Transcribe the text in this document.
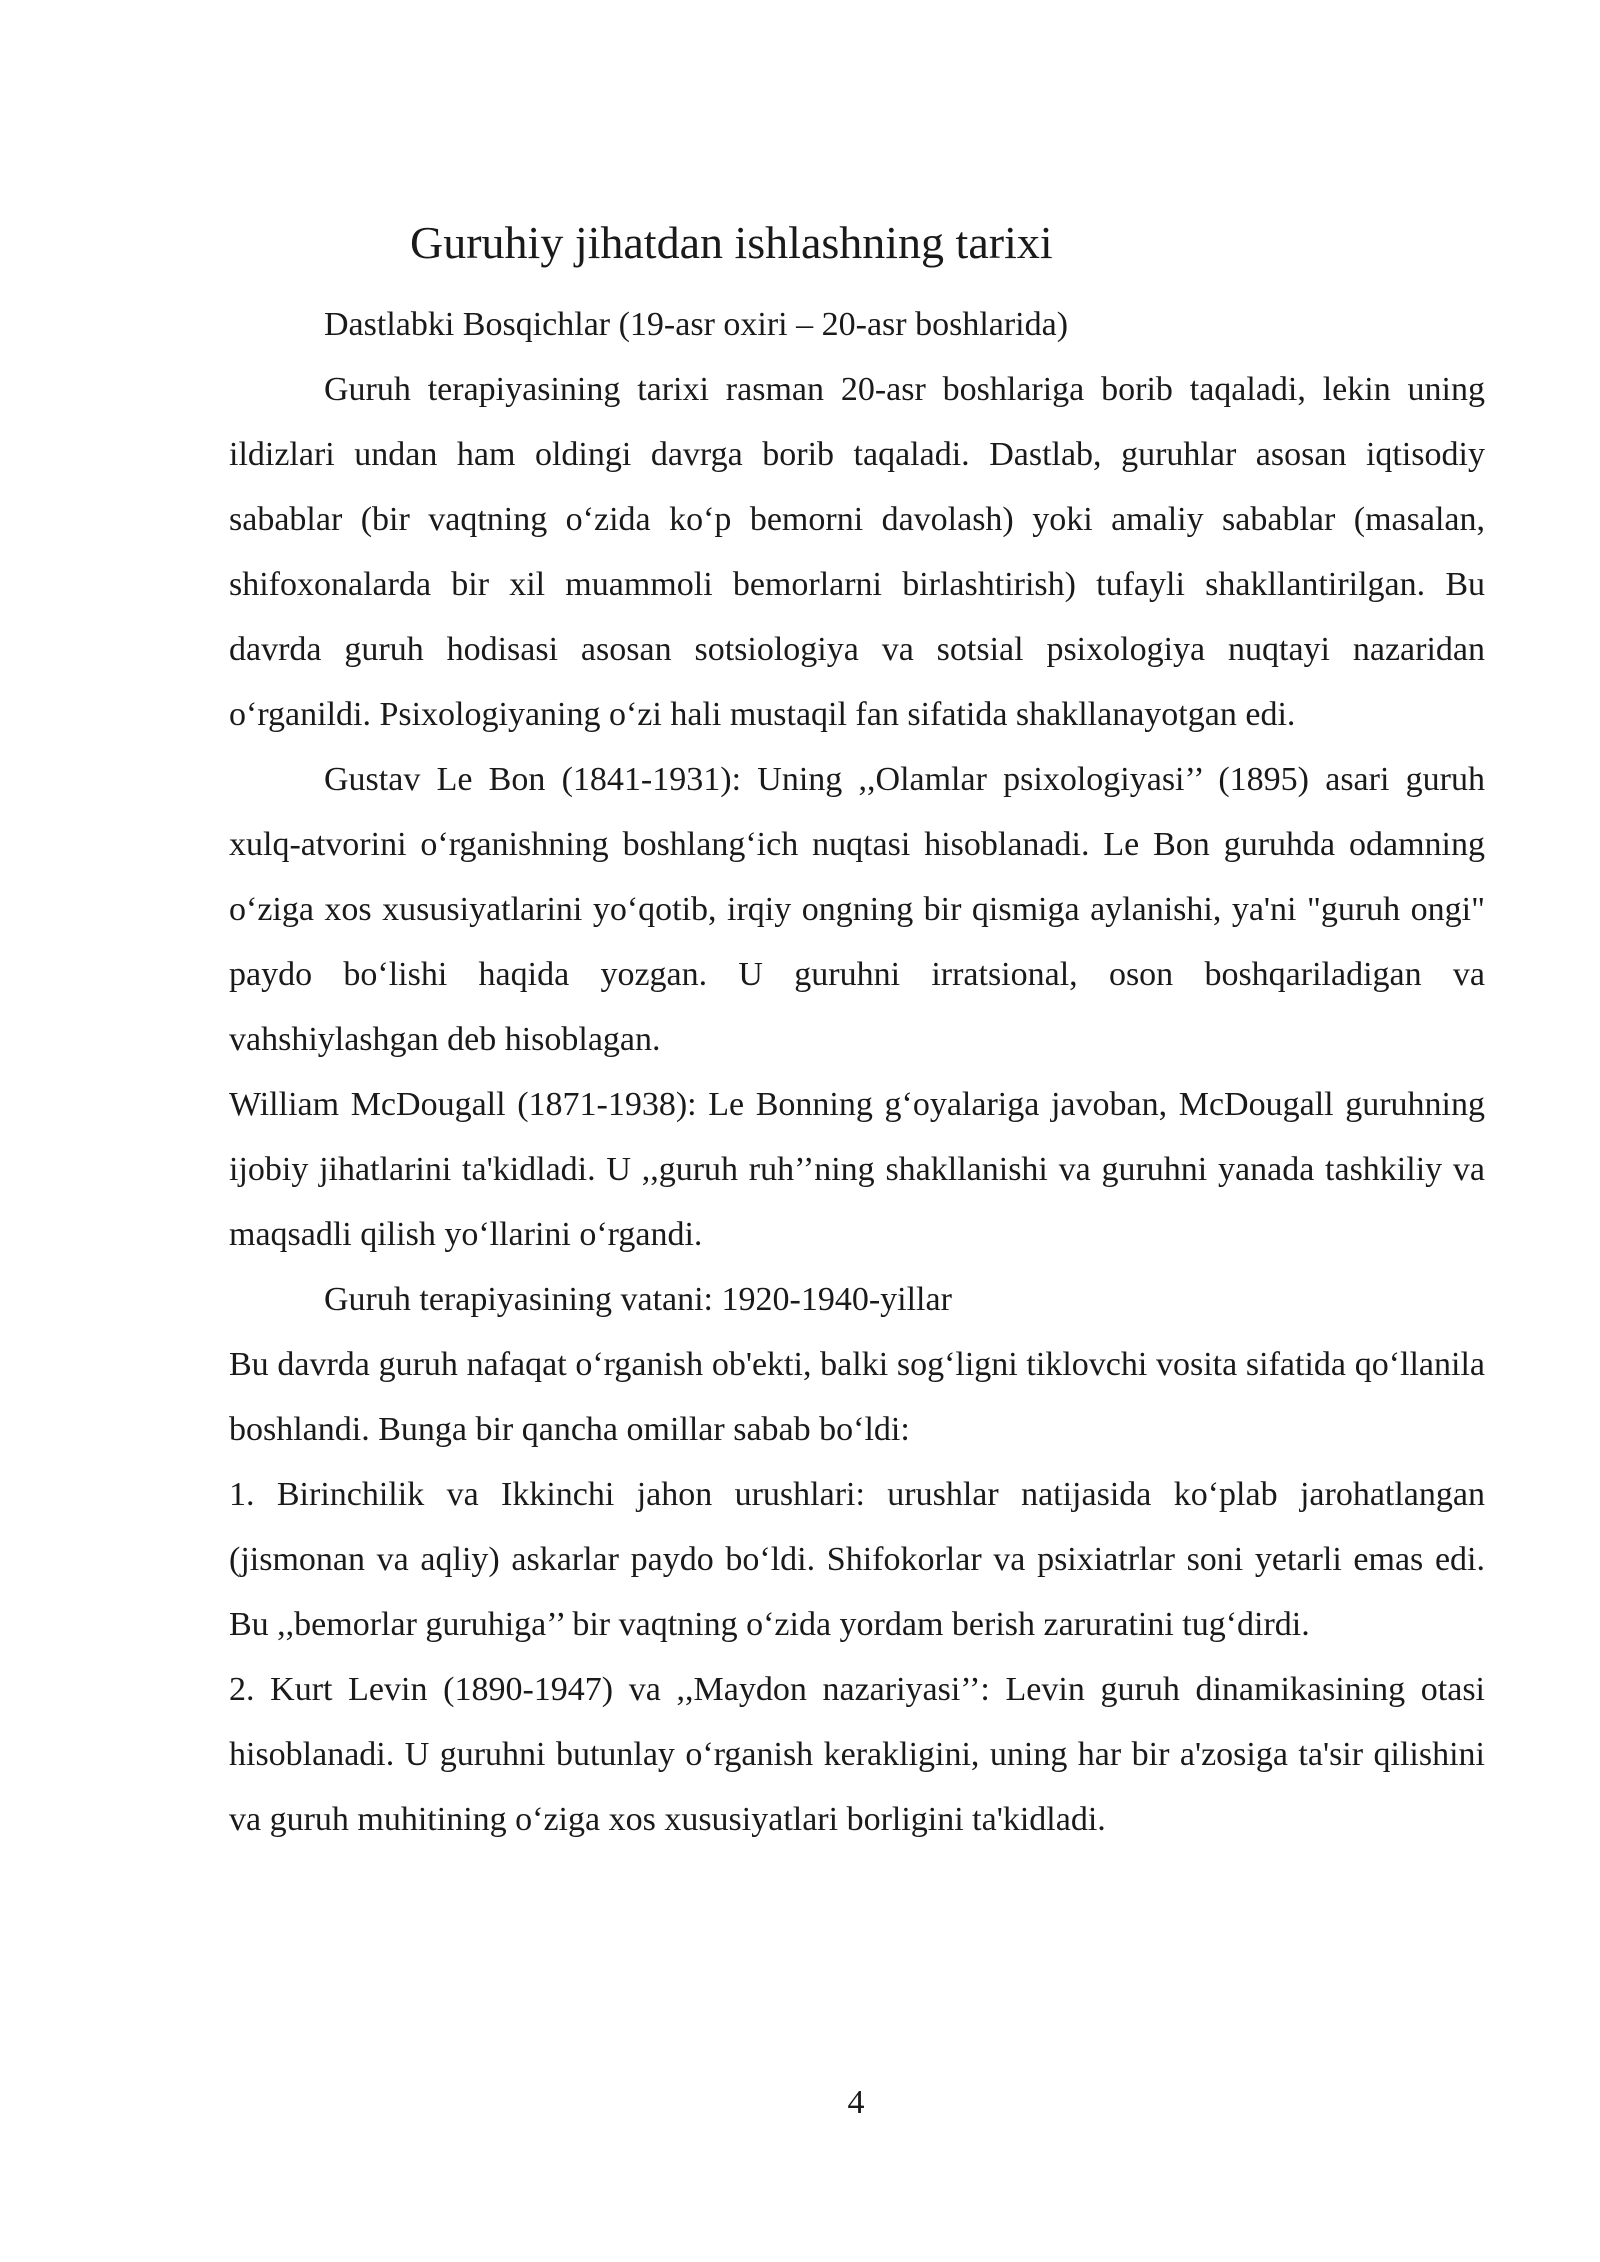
Guruhiy jihatdan ishlashning tarixi

Dastlabki Bosqichlar (19-asr oxiri – 20-asr boshlarida)

Guruh terapiyasining tarixi rasman 20-asr boshlariga borib taqaladi, lekin uning ildizlari undan ham oldingi davrga borib taqaladi. Dastlab, guruhlar asosan iqtisodiy sabablar (bir vaqtning o‘zida ko‘p bemorni davolash) yoki amaliy sabablar (masalan, shifoxonalarda bir xil muammoli bemorlarni birlashtirish) tufayli shakllantirilgan. Bu davrda guruh hodisasi asosan sotsiologiya va sotsial psixologiya nuqtayi nazaridan o‘rganildi. Psixologiyaning o‘zi hali mustaqil fan sifatida shakllanayotgan edi.

Gustav Le Bon (1841-1931): Uning ,,Olamlar psixologiyasi’’ (1895) asari guruh xulq-atvorini o‘rganishning boshlang‘ich nuqtasi hisoblanadi. Le Bon guruhda odamning o‘ziga xos xususiyatlarini yo‘qotib, irqiy ongning bir qismiga aylanishi, ya'ni "guruh ongi" paydo bo‘lishi haqida yozgan. U guruhni irratsional, oson boshqariladigan va vahshiylashgan deb hisoblagan.

William McDougall (1871-1938): Le Bonning g‘oyalariga javoban, McDougall guruhning ijobiy jihatlarini ta'kidladi. U ,,guruh ruh’’ning shakllanishi va guruhni yanada tashkiliy va maqsadli qilish yo‘llarini o‘rgandi.

Guruh terapiyasining vatani: 1920-1940-yillar

Bu davrda guruh nafaqat o‘rganish ob'ekti, balki sog‘ligni tiklovchi vosita sifatida qo‘llanila boshlandi. Bunga bir qancha omillar sabab bo‘ldi:

1. Birinchilik va Ikkinchi jahon urushlari: urushlar natijasida ko‘plab jarohatlangan (jismonan va aqliy) askarlar paydo bo‘ldi. Shifokorlar va psixiatrlar soni yetarli emas edi. Bu ,,bemorlar guruhiga’’ bir vaqtning o‘zida yordam berish zaruratini tug‘dirdi.

2. Kurt Levin (1890-1947) va ,,Maydon nazariyasi’’: Levin guruh dinamikasining otasi hisoblanadi. U guruhni butunlay o‘rganish kerakligini, uning har bir a'zosiga ta'sir qilishini va guruh muhitining o‘ziga xos xususiyatlari borligini ta'kidladi.

4
